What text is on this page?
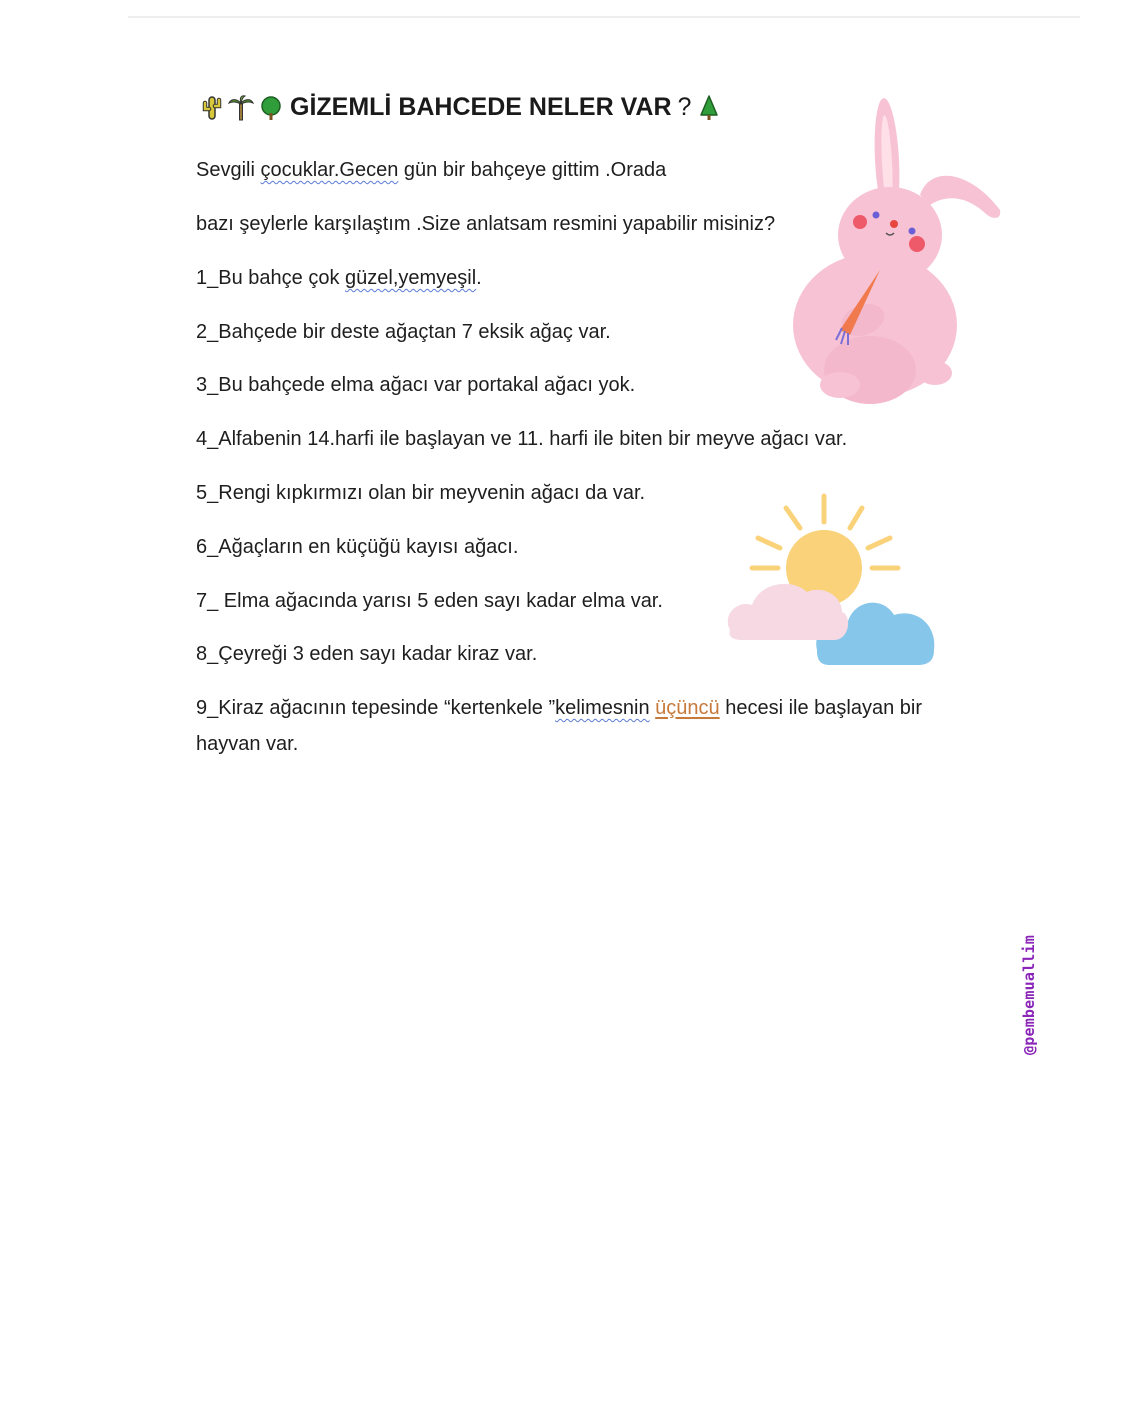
GİZEMLİ BAHCEDE NELER VAR ?
Sevgili çocuklar.Gecen gün bir bahçeye gittim .Orada
bazı şeylerle karşılaştım .Size anlatsam resmini yapabilir misiniz?
1_Bu bahçe çok güzel,yemyeşil.
2_Bahçede bir deste ağaçtan 7 eksik ağaç var.
3_Bu bahçede elma ağacı var portakal ağacı yok.
4_Alfabenin 14.harfi ile başlayan ve 11. harfi ile biten bir meyve ağacı var.
5_Rengi kıpkırmızı olan bir meyvenin ağacı da var.
6_Ağaçların en küçüğü kayısı ağacı.
7_ Elma ağacında yarısı 5 eden sayı kadar elma var.
8_Çeyreği 3 eden sayı kadar kiraz var.
9_Kiraz ağacının tepesinde “kertenkele ”kelimesnin üçüncü hecesi ile başlayan bir
hayvan var.
@pembemuallim
